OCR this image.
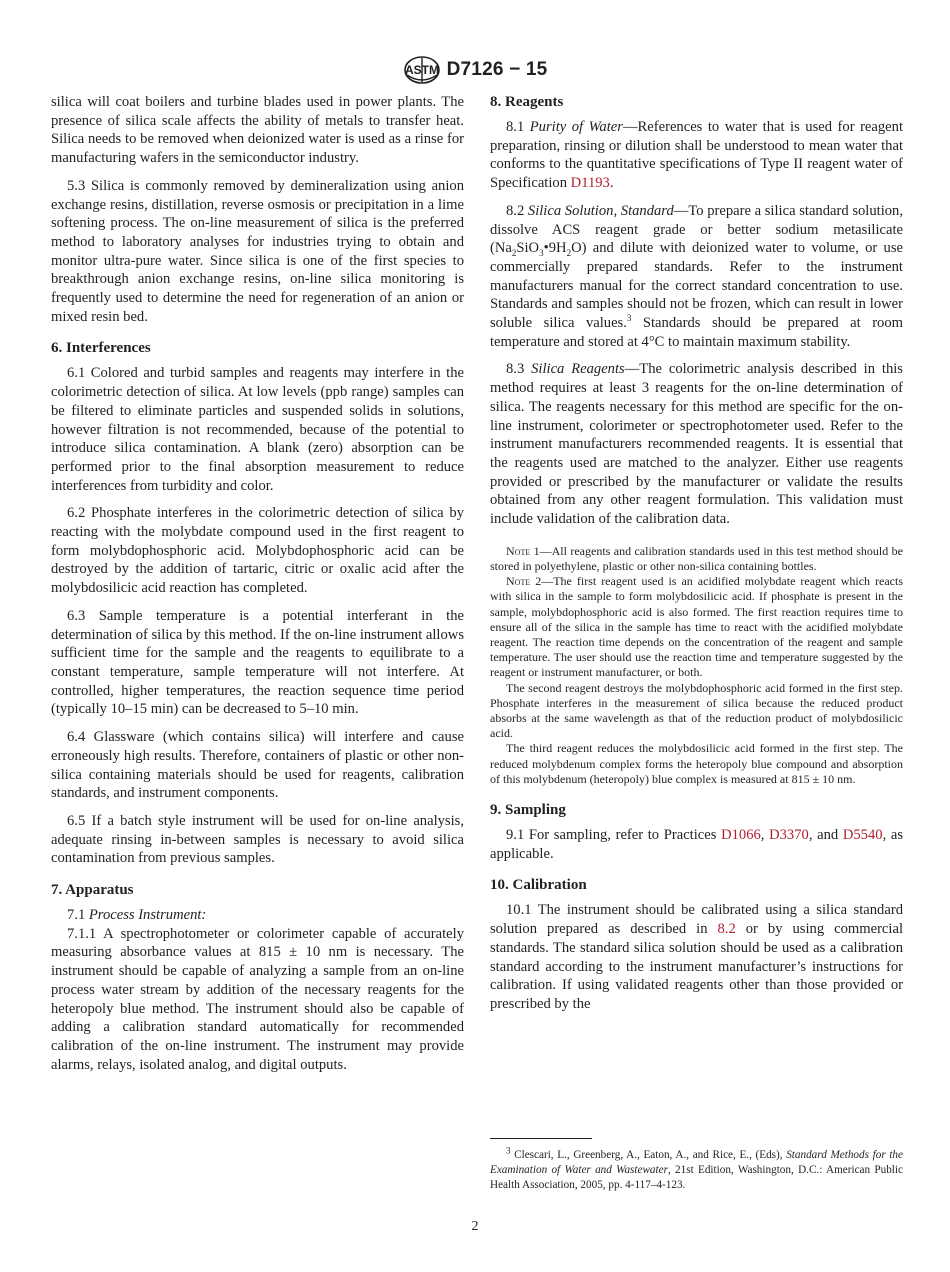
ASTM D7126 − 15

silica will coat boilers and turbine blades used in power plants. The presence of silica scale affects the ability of metals to transfer heat. Silica needs to be removed when deionized water is used as a rinse for manufacturing wafers in the semiconductor industry.

5.3 Silica is commonly removed by demineralization using anion exchange resins, distillation, reverse osmosis or precipitation in a lime softening process. The on-line measurement of silica is the preferred method to laboratory analyses for industries trying to obtain and monitor ultra-pure water. Since silica is one of the first species to breakthrough anion exchange resins, on-line silica monitoring is frequently used to determine the need for regeneration of an anion or mixed resin bed.

6. Interferences

6.1 Colored and turbid samples and reagents may interfere in the colorimetric detection of silica. At low levels (ppb range) samples can be filtered to eliminate particles and suspended solids in solutions, however filtration is not recommended, because of the potential to introduce silica contamination. A blank (zero) absorption can be performed prior to the final absorption measurement to reduce interferences from turbidity and color.

6.2 Phosphate interferes in the colorimetric detection of silica by reacting with the molybdate compound used in the first reagent to form molybdophosphoric acid. Molybdophosphoric acid can be destroyed by the addition of tartaric, citric or oxalic acid after the molybdosilicic acid reaction has completed.

6.3 Sample temperature is a potential interferant in the determination of silica by this method. If the on-line instrument allows sufficient time for the sample and the reagents to equilibrate to a constant temperature, sample temperature will not interfere. At controlled, higher temperatures, the reaction sequence time period (typically 10–15 min) can be decreased to 5–10 min.

6.4 Glassware (which contains silica) will interfere and cause erroneously high results. Therefore, containers of plastic or other non-silica containing materials should be used for reagents, calibration standards, and instrument components.

6.5 If a batch style instrument will be used for on-line analysis, adequate rinsing in-between samples is necessary to avoid silica contamination from previous samples.

7. Apparatus

7.1 Process Instrument:

7.1.1 A spectrophotometer or colorimeter capable of accurately measuring absorbance values at 815 ± 10 nm is necessary. The instrument should be capable of analyzing a sample from an on-line process water stream by addition of the necessary reagents for the heteropoly blue method. The instrument should also be capable of adding a calibration standard automatically for recommended calibration of the on-line instrument. The instrument may provide alarms, relays, isolated analog, and digital outputs.

8. Reagents

8.1 Purity of Water—References to water that is used for reagent preparation, rinsing or dilution shall be understood to mean water that conforms to the quantitative specifications of Type II reagent water of Specification D1193.

8.2 Silica Solution, Standard—To prepare a silica standard solution, dissolve ACS reagent grade or better sodium metasilicate $(Na_2SiO_3•9H_2O)$ and dilute with deionized water to volume, or use commercially prepared standards. Refer to the instrument manufacturers manual for the correct standard concentration to use. Standards and samples should not be frozen, which can result in lower soluble silica values.$^3$ Standards should be prepared at room temperature and stored at 4°C to maintain maximum stability.

8.3 Silica Reagents—The colorimetric analysis described in this method requires at least 3 reagents for the on-line determination of silica. The reagents necessary for this method are specific for the on-line instrument, colorimeter or spectrophotometer used. Refer to the instrument manufacturers recommended reagents. It is essential that the reagents used are matched to the analyzer. Either use reagents provided or prescribed by the manufacturer or validate the results obtained from any other reagent formulation. This validation must include validation of the calibration data.

Note 1—All reagents and calibration standards used in this test method should be stored in polyethylene, plastic or other non-silica containing bottles.

Note 2—The first reagent used is an acidified molybdate reagent which reacts with silica in the sample to form molybdosilicic acid. If phosphate is present in the sample, molybdophosphoric acid is also formed. The first reaction requires time to ensure all of the silica in the sample has time to react with the acidified molybdate reagent. The reaction time depends on the concentration of the reagent and sample temperature. The user should use the reaction time and temperature suggested by the reagent or instrument manufacturer, or both.

The second reagent destroys the molybdophosphoric acid formed in the first step. Phosphate interferes in the measurement of silica because the reduced product absorbs at the same wavelength as that of the reduction product of molybdosilicic acid.

The third reagent reduces the molybdosilicic acid formed in the first step. The reduced molybdenum complex forms the heteropoly blue compound and absorption of this molybdenum (heteropoly) blue complex is measured at 815 ± 10 nm.

9. Sampling

9.1 For sampling, refer to Practices D1066, D3370, and D5540, as applicable.

10. Calibration

10.1 The instrument should be calibrated using a silica standard solution prepared as described in 8.2 or by using commercial standards. The standard silica solution should be used as a calibration standard according to the instrument manufacturer’s instructions for calibration. If using validated reagents other than those provided or prescribed by the

$^3$ Clescari, L., Greenberg, A., Eaton, A., and Rice, E., (Eds), Standard Methods for the Examination of Water and Wastewater, 21st Edition, Washington, D.C.: American Public Health Association, 2005, pp. 4-117–4-123.
2
